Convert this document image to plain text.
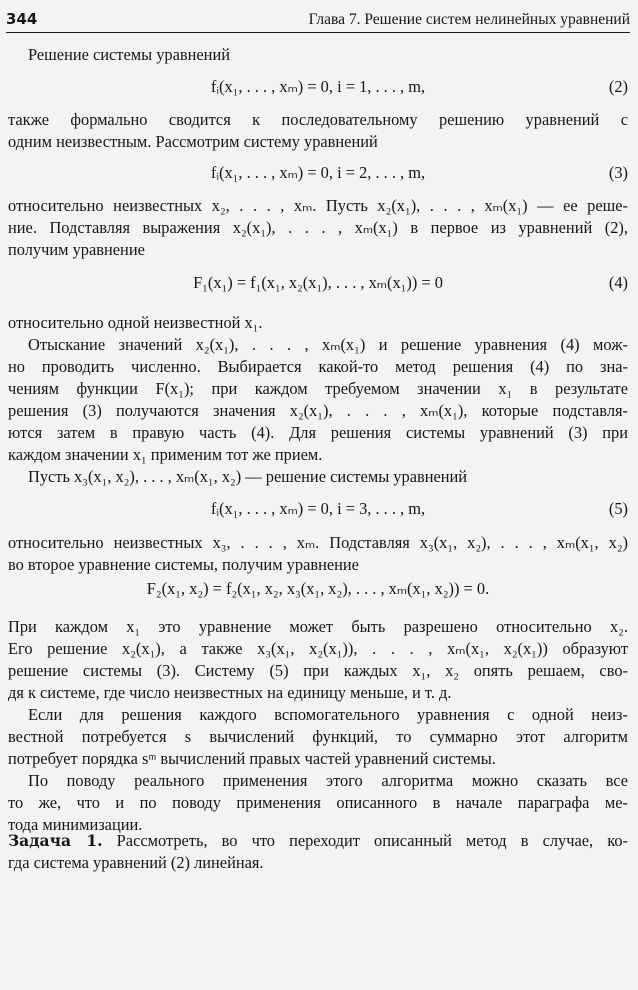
344	Глава 7. Решение систем нелинейных уравнений
Решение системы уравнений
fᵢ(x₁, . . . , xₘ) = 0, i = 1, . . . , m,	(2)
также формально сводится к последовательному решению уравнений с
одним неизвестным. Рассмотрим систему уравнений
fᵢ(x₁, . . . , xₘ) = 0, i = 2, . . . , m,	(3)
относительно неизвестных x₂, . . . , xₘ. Пусть x₂(x₁), . . . , xₘ(x₁) — ее реше-
ние. Подставляя выражения x₂(x₁), . . . , xₘ(x₁) в первое из уравнений (2),
получим уравнение
F₁(x₁) = f₁(x₁, x₂(x₁), . . . , xₘ(x₁)) = 0	(4)
относительно одной неизвестной x₁.
Отыскание значений x₂(x₁), . . . , xₘ(x₁) и решение уравнения (4) мож-
но проводить численно. Выбирается какой-то метод решения (4) по зна-
чениям функции F(x₁); при каждом требуемом значении x₁ в результате
решения (3) получаются значения x₂(x₁), . . . , xₘ(x₁), которые подставля-
ются затем в правую часть (4). Для решения системы уравнений (3) при
каждом значении x₁ применим тот же прием.
Пусть x₃(x₁, x₂), . . . , xₘ(x₁, x₂) — решение системы уравнений
fᵢ(x₁, . . . , xₘ) = 0, i = 3, . . . , m,	(5)
относительно неизвестных x₃, . . . , xₘ. Подставляя x₃(x₁, x₂), . . . , xₘ(x₁, x₂)
во второе уравнение системы, получим уравнение
F₂(x₁, x₂) = f₂(x₁, x₂, x₃(x₁, x₂), . . . , xₘ(x₁, x₂)) = 0.
При каждом x₁ это уравнение может быть разрешено относительно x₂.
Его решение x₂(x₁), а также x₃(x₁, x₂(x₁)), . . . , xₘ(x₁, x₂(x₁)) образуют
решение системы (3). Систему (5) при каждых x₁, x₂ опять решаем, сво-
дя к системе, где число неизвестных на единицу меньше, и т. д.
Если для решения каждого вспомогательного уравнения с одной неиз-
вестной потребуется s вычислений функций, то суммарно этот алгоритм
потребует порядка sᵐ вычислений правых частей уравнений системы.
По поводу реального применения этого алгоритма можно сказать все
то же, что и по поводу применения описанного в начале параграфа ме-
тода минимизации.
Задача 1. Рассмотреть, во что переходит описанный метод в случае, ко-
гда система уравнений (2) линейная.
